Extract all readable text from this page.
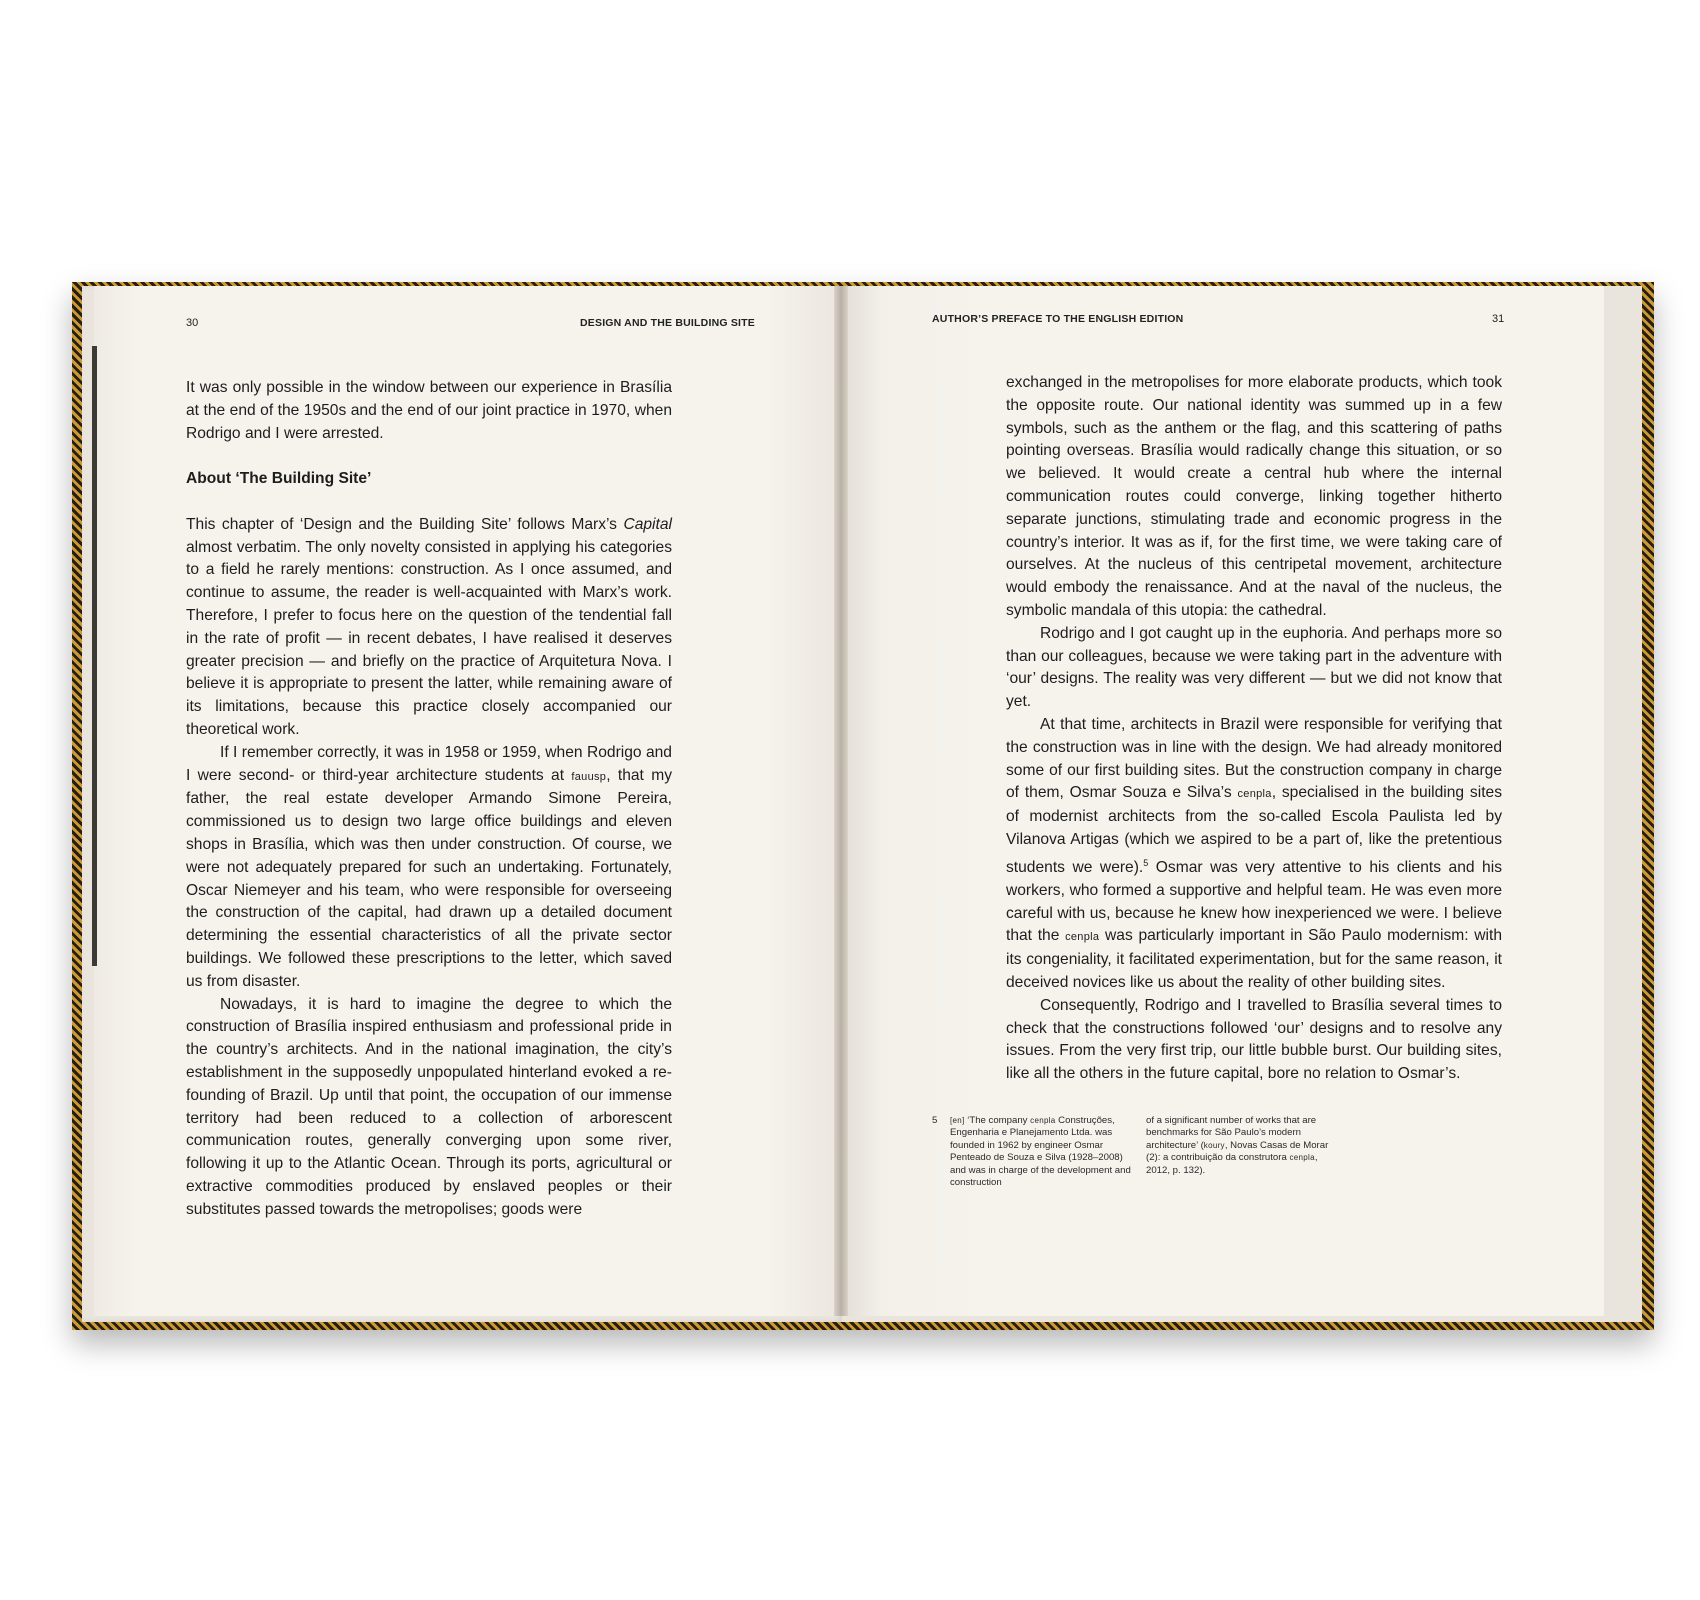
30	DESIGN AND THE BUILDING SITE

It was only possible in the window between our experience in Brasília at the end of the 1950s and the end of our joint practice in 1970, when Rodrigo and I were arrested.

About ‘The Building Site’

This chapter of ‘Design and the Building Site’ follows Marx’s Capital almost verbatim. The only novelty consisted in applying his categories to a field he rarely mentions: construction. As I once assumed, and continue to assume, the reader is well-acquainted with Marx’s work. Therefore, I prefer to focus here on the question of the tendential fall in the rate of profit — in recent debates, I have realised it deserves greater precision — and briefly on the practice of Arquitetura Nova. I believe it is appropriate to present the latter, while remaining aware of its limitations, because this practice closely accompanied our theoretical work.

If I remember correctly, it was in 1958 or 1959, when Rodrigo and I were second- or third-year architecture students at fauusp, that my father, the real estate developer Armando Simone Pereira, commissioned us to design two large office buildings and eleven shops in Brasília, which was then under construction. Of course, we were not adequately prepared for such an undertaking. Fortunately, Oscar Niemeyer and his team, who were responsible for overseeing the construction of the capital, had drawn up a detailed document determining the essential characteristics of all the private sector buildings. We followed these prescriptions to the letter, which saved us from disaster.

Nowadays, it is hard to imagine the degree to which the construction of Brasília inspired enthusiasm and professional pride in the country’s architects. And in the national imagination, the city’s establishment in the supposedly unpopulated hinterland evoked a re-founding of Brazil. Up until that point, the occupation of our immense territory had been reduced to a collection of arborescent communication routes, generally converging upon some river, following it up to the Atlantic Ocean. Through its ports, agricultural or extractive commodities produced by enslaved peoples or their substitutes passed towards the metropolises; goods were

AUTHOR’S PREFACE TO THE ENGLISH EDITION	31

exchanged in the metropolises for more elaborate products, which took the opposite route. Our national identity was summed up in a few symbols, such as the anthem or the flag, and this scattering of paths pointing overseas. Brasília would radically change this situation, or so we believed. It would create a central hub where the internal communication routes could converge, linking together hitherto separate junctions, stimulating trade and economic progress in the country’s interior. It was as if, for the first time, we were taking care of ourselves. At the nucleus of this centripetal movement, architecture would embody the renaissance. And at the naval of the nucleus, the symbolic mandala of this utopia: the cathedral.

Rodrigo and I got caught up in the euphoria. And perhaps more so than our colleagues, because we were taking part in the adventure with ‘our’ designs. The reality was very different — but we did not know that yet.

At that time, architects in Brazil were responsible for verifying that the construction was in line with the design. We had already monitored some of our first building sites. But the construction company in charge of them, Osmar Souza e Silva’s cenpla, specialised in the building sites of modernist architects from the so-called Escola Paulista led by Vilanova Artigas (which we aspired to be a part of, like the pretentious students we were).$^5$ Osmar was very attentive to his clients and his workers, who formed a supportive and helpful team. He was even more careful with us, because he knew how inexperienced we were. I believe that the cenpla was particularly important in São Paulo modernism: with its congeniality, it facilitated experimentation, but for the same reason, it deceived novices like us about the reality of other building sites.

Consequently, Rodrigo and I travelled to Brasília several times to check that the constructions followed ‘our’ designs and to resolve any issues. From the very first trip, our little bubble burst. Our building sites, like all the others in the future capital, bore no relation to Osmar’s.

5 [en] ‘The company cenpla Construções, Engenharia e Planejamento Ltda. was founded in 1962 by engineer Osmar Penteado de Souza e Silva (1928–2008) and was in charge of the development and construction
of a significant number of works that are benchmarks for São Paulo’s modern architecture’ (koury, Novas Casas de Morar (2): a contribuição da construtora cenpla, 2012, p. 132).
